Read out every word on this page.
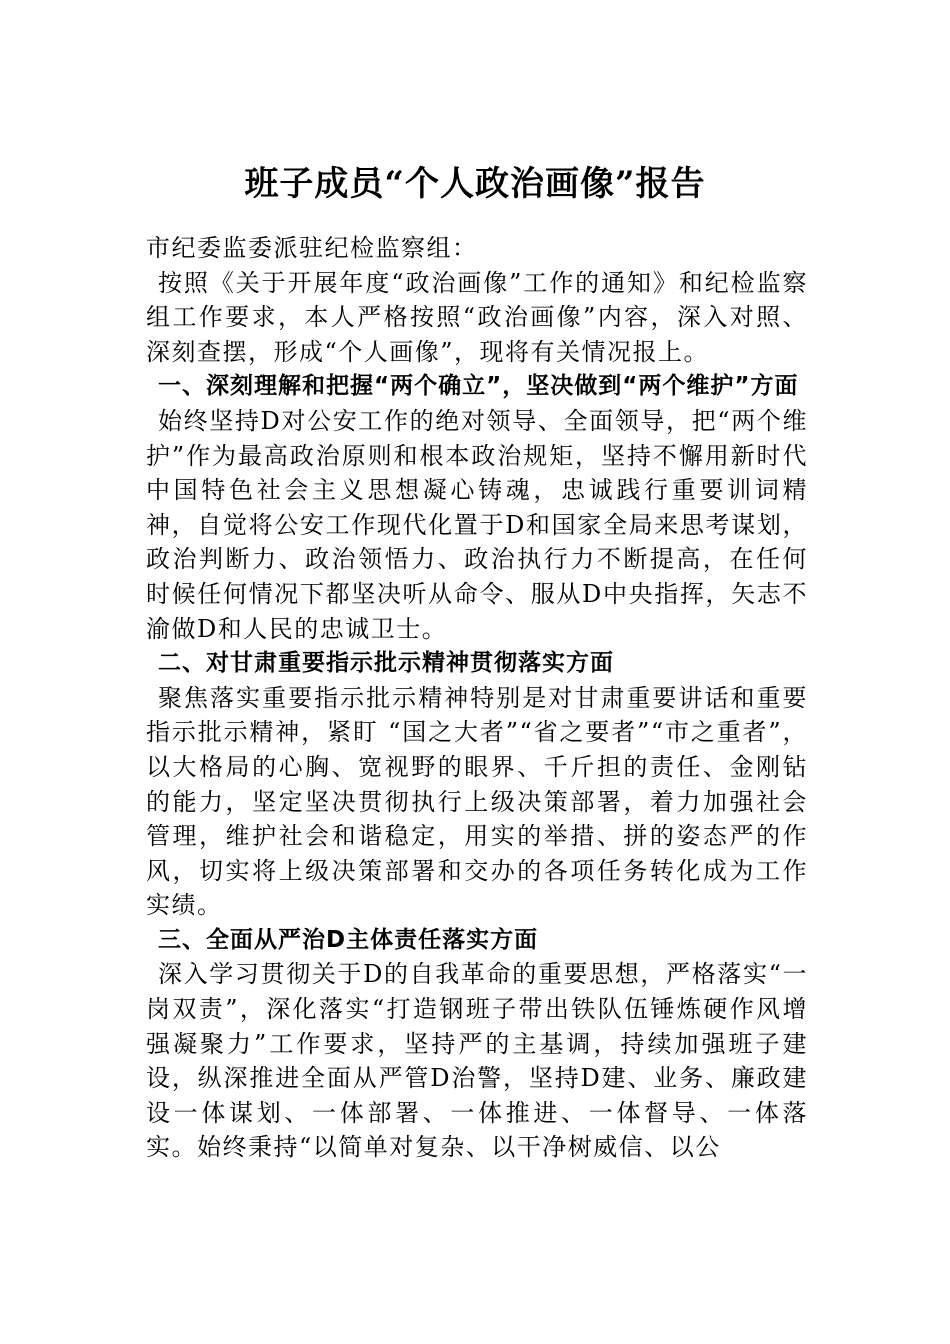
班子成员“个人政治画像”报告

市纪委监委派驻纪检监察组：

按照《关于开展年度“政治画像”工作的通知》和纪检监察组工作要求，本人严格按照“政治画像”内容，深入对照、深刻查摆，形成“个人画像”，现将有关情况报上。

一、深刻理解和把握“两个确立”，坚决做到“两个维护”方面

始终坚持D对公安工作的绝对领导、全面领导，把“两个维护”作为最高政治原则和根本政治规矩，坚持不懈用新时代中国特色社会主义思想凝心铸魂，忠诚践行重要训词精神，自觉将公安工作现代化置于D和国家全局来思考谋划，政治判断力、政治领悟力、政治执行力不断提高，在任何时候任何情况下都坚决听从命令、服从D中央指挥，矢志不渝做D和人民的忠诚卫士。

二、对甘肃重要指示批示精神贯彻落实方面

聚焦落实重要指示批示精神特别是对甘肃重要讲话和重要指示批示精神，紧盯 “国之大者”“省之要者”“市之重者”，以大格局的心胸、宽视野的眼界、千斤担的责任、金刚钻的能力，坚定坚决贯彻执行上级决策部署，着力加强社会管理，维护社会和谐稳定，用实的举措、拼的姿态严的作风，切实将上级决策部署和交办的各项任务转化成为工作实绩。

三、全面从严治D主体责任落实方面

深入学习贯彻关于D的自我革命的重要思想，严格落实“一岗双责”，深化落实“打造钢班子带出铁队伍锤炼硬作风增强凝聚力”工作要求，坚持严的主基调，持续加强班子建设，纵深推进全面从严管D治警，坚持D建、业务、廉政建设一体谋划、一体部署、一体推进、一体督导、一体落实。始终秉持“以简单对复杂、以干净树威信、以公
